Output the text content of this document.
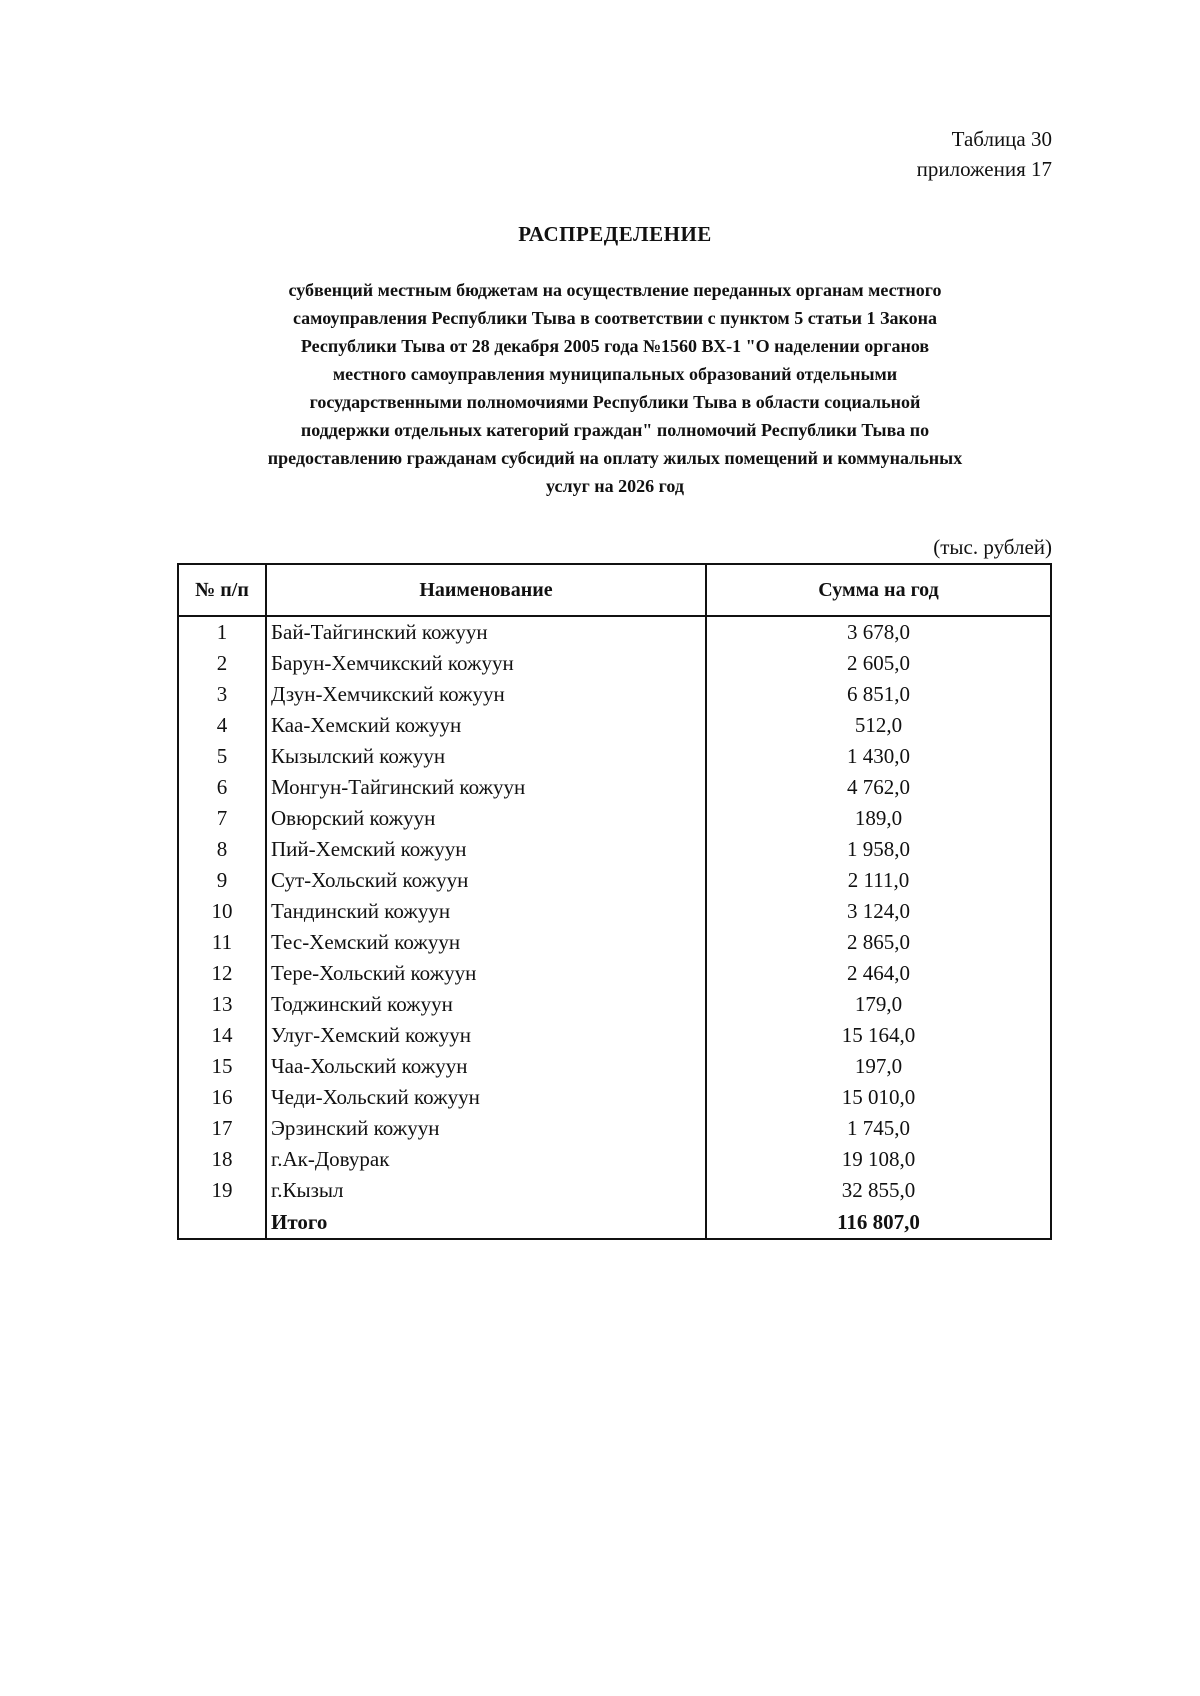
Таблица 30
приложения 17
РАСПРЕДЕЛЕНИЕ
субвенций местным бюджетам на осуществление переданных органам местного
самоуправления Республики Тыва в соответствии с пунктом 5 статьи 1 Закона
Республики Тыва от 28 декабря 2005 года №1560 ВХ-1 "О наделении органов
местного самоуправления муниципальных образований отдельными
государственными полномочиями Республики Тыва в области социальной
поддержки отдельных категорий граждан" полномочий Республики Тыва по
предоставлению гражданам субсидий на оплату жилых помещений и коммунальных
услуг на 2026 год
(тыс. рублей)
№ п/п	Наименование	Сумма на год
1	Бай-Тайгинский кожуун	3 678,0
2	Барун-Хемчикский кожуун	2 605,0
3	Дзун-Хемчикский кожуун	6 851,0
4	Каа-Хемский кожуун	512,0
5	Кызылский кожуун	1 430,0
6	Монгун-Тайгинский кожуун	4 762,0
7	Овюрский кожуун	189,0
8	Пий-Хемский кожуун	1 958,0
9	Сут-Хольский кожуун	2 111,0
10	Тандинский кожуун	3 124,0
11	Тес-Хемский кожуун	2 865,0
12	Тере-Хольский кожуун	2 464,0
13	Тоджинский кожуун	179,0
14	Улуг-Хемский кожуун	15 164,0
15	Чаа-Хольский кожуун	197,0
16	Чеди-Хольский кожуун	15 010,0
17	Эрзинский кожуун	1 745,0
18	г.Ак-Довурак	19 108,0
19	г.Кызыл	32 855,0
	Итого	116 807,0
